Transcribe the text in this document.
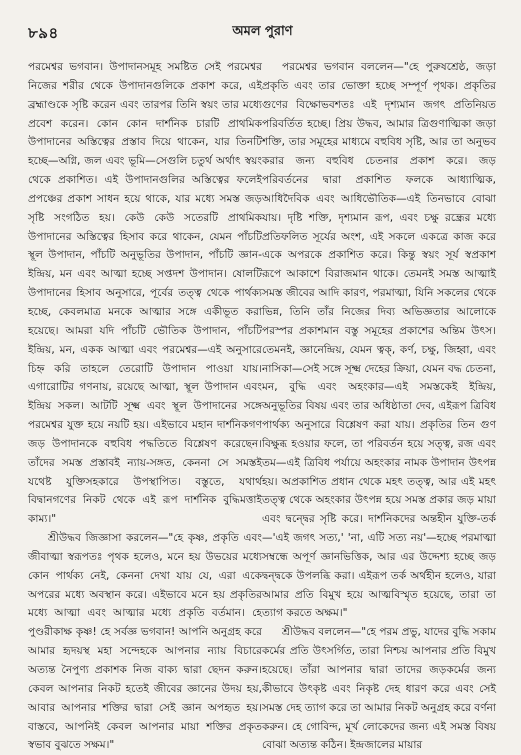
৮৯৪	অমল পুরাণ

পরমেশ্বর ভগবান। উপাদানসমূহ সমষ্টিত সেই পরমেশ্বর নিজের শরীর থেকে উপাদানগুলিকে প্রকাশ করে, এই ব্রহ্মাণ্ডকে সৃষ্টি করেন এবং তারপর তিনি স্বয়ং তার মধ্যে প্রবেশ করেন। কোন কোন দার্শনিক চারটি প্রাথমিক উপাদানের অস্তিত্বের প্রস্তাব দিয়ে থাকেন, যার তিনটি হচ্ছে—অগ্নি, জল এবং ভূমি—সেগুলি চতুর্থ অর্থাৎ স্বয়ং থেকে প্রকাশিত। এই উপাদানগুলির অস্তিত্বের ফলেই প্রপঞ্চের প্রকাশ সাধন হয়ে থাকে, যার মধ্যে সমস্ত জড় সৃষ্টি সংগঠিত হয়। কেউ কেউ সতেরটি প্রাথমিক উপাদানের অস্তিত্বের হিসাব করে থাকেন, যেমন পাঁচটি স্থূল উপাদান, পাঁচটি অনুভূতির উপাদান, পাঁচটি জ্ঞান-ইন্দ্রিয়, মন এবং আত্মা হচ্ছে সপ্তদশ উপাদান। ষোলটি উপাদানের হিসাব অনুসারে, পূর্বের তত্ত্ব থেকে পার্থক্য হচ্ছে, কেবলমাত্র মনকে আত্মার সঙ্গে একীভূত করা হয়েছে। আমরা যদি পাঁচটি ভৌতিক উপাদান, পাঁচটি ইন্দ্রিয়, মন, একক আত্মা এবং পরমেশ্বর—এই অনুসারে চিহ্ন করি তাহলে তেরোটি উপাদান পাওয়া যায়। এগারোটির গণনায়, রয়েছে আত্মা, স্থূল উপাদান এবং ইন্দ্রিয় সকল। আটটি সূক্ষ্ম এবং স্থূল উপাদানের সঙ্গে পরমেশ্বর যুক্ত হয়ে নয়টি হয়। এইভাবে মহান দার্শনিকগণ জড় উপাদানকে বহুবিধ পদ্ধতিতে বিশ্লেষণ করেছেন। তাঁদের সমস্ত প্রস্তাবই ন্যায়-সঙ্গত, কেননা সে সমস্তই যথেষ্ট যুক্তিসহকারে উপস্থাপিত। বস্তুতে, যথার্থ বিদ্বানগণের নিকট থেকে এই রূপ দার্শনিক বুদ্ধিমত্তাই কাম্য।"

শ্রীউদ্ধব জিজ্ঞাসা করলেন—"হে কৃষ্ণ, প্রকৃতি এবং জীবাত্মা স্বরূপতঃ পৃথক হলেও, মনে হয় উভয়ের মধ্যে কোন পার্থক্য নেই, কেননা দেখা যায় যে, এরা একে অপরের মধ্যে অবস্থান করে। এইভাবে মনে হয় প্রকৃতির মধ্যে আত্মা এবং আত্মার মধ্যে প্রকৃতি বর্তমান। হে পুণ্ডরীকাক্ষ কৃষ্ণ! হে সর্বজ্ঞ ভগবান! আপনি অনুগ্রহ করে আমার হৃদয়স্থ মহা সন্দেহকে আপনার ন্যায় বিচারে অত্যন্ত নৈপুণ্য প্রকাশক নিজ বাক্য দ্বারা ছেদন করুন। কেবল আপনার নিকট হতেই জীবের জ্ঞানের উদয় হয়, আবার আপনার শক্তির দ্বারা সেই জ্ঞান অপহৃত হয়। বাস্তবে, আপনিই কেবল আপনার মায়া শক্তির প্রকৃত স্বভাব বুঝতে সক্ষম।"

পরমেশ্বর ভগবান বললেন—"হে পুরুষশ্রেষ্ঠ, জড়া প্রকৃতি এবং তার ভোক্তা হচ্ছে সম্পূর্ণ পৃথক। প্রকৃতির গুণের বিক্ষোভবশতঃ এই দৃশ্যমান জগৎ প্রতিনিয়ত পরিবর্তিত হচ্ছে। প্রিয় উদ্ধব, আমার ত্রিগুণাত্মিকা জড়া শক্তি, তার সমূহের মাধ্যমে বহুবিধ সৃষ্টি, আর তা অনুভব করার জন্য বহুবিধ চেতনার প্রকাশ করে। জড় পরিবর্তনের দ্বারা প্রকাশিত ফলকে আধ্যাত্মিক, আধিদৈবিক এবং আধিভৌতিক—এই তিনভাবে বোঝা যায়। দৃষ্টি শক্তি, দৃশ্যমান রূপ, এবং চক্ষু রন্ধ্রের মধ্যে প্রতিফলিত সূর্যের অংশ, এই সকলে একত্রে কাজ করে একে অপরকে প্রকাশিত করে। কিন্তু স্বয়ং সূর্য স্বপ্রকাশ রূপে আকাশে বিরাজমান থাকে। তেমনই সমস্ত আত্মাই সমস্ত জীবের আদি কারণ, পরমাত্মা, যিনি সকলের থেকে ভিন্ন, তিনি তাঁর নিজের দিব্য অভিজ্ঞতার আলোকে পরস্পর প্রকাশমান বস্তু সমূহের প্রকাশের অন্তিম উৎস। তেমনই, জ্ঞানেন্দ্রিয়, যেমন ত্বক্‌, কর্ণ, চক্ষু, জিহ্বা, এবং নাসিকা—সেই সঙ্গে সূক্ষ্ম দেহের ক্রিয়া, যেমন বদ্ধ চেতনা, মন, বুদ্ধি এবং অহংকার—এই সমস্তকেই ইন্দ্রিয়, অনুভূতির বিষয় এবং তার অধিষ্ঠাতা দেব, এইরূপ ত্রিবিধ পার্থক্য অনুসারে বিশ্লেষণ করা যায়। প্রকৃতির তিন গুণ বিক্ষুব্ধ হওয়ার ফলে, তা পরিবর্তন হয়ে সত্ত্ব, রজ এবং তম—এই ত্রিবিধ পর্যায়ে অহংকার নামক উপাদান উৎপন্ন হয়। অপ্রকাশিত প্রধান থেকে মহৎ তত্ত্ব, আর এই মহৎ তত্ত্ব থেকে অহংকার উৎপন্ন হয়ে সমস্ত প্রকার জড় মায়া এবং দ্বন্দ্বের সৃষ্টি করে। দার্শনিকদের অন্তহীন যুক্তি-তর্ক—'এই জগৎ সত্য,' 'না, এটি সত্য নয়'—হচ্ছে পরমাত্মা সম্বন্ধে অপূর্ণ জ্ঞানভিত্তিক, আর এর উদ্দেশ্য হচ্ছে জড় দ্বন্দ্বকে উপলব্ধি করা। এইরূপ তর্ক অর্থহীন হলেও, যারা আমার প্রতি বিমুখ হয়ে আত্মবিস্মৃত হয়েছে, তারা তা ত্যাগ করতে অক্ষম।"

শ্রীউদ্ধব বললেন—"হে পরম প্রভু, যাদের বুদ্ধি সকাম কর্মের প্রতি উৎসর্গিত, তারা নিশ্চয় আপনার প্রতি বিমুখ হয়েছে। তাঁরা আপনার দ্বারা তাদের জড়কর্মের জন্য কীভাবে উৎকৃষ্ট এবং নিকৃষ্ট দেহ ধারণ করে এবং সেই সমস্ত দেহ ত্যাগ করে তা আমার নিকট অনুগ্রহ করে বর্ণনা করুন। হে গোবিন্দ, মূর্খ লোকেদের জন্য এই সমস্ত বিষয় বোঝা অত্যন্ত কঠিন। ইন্দ্রজালের মায়ার
